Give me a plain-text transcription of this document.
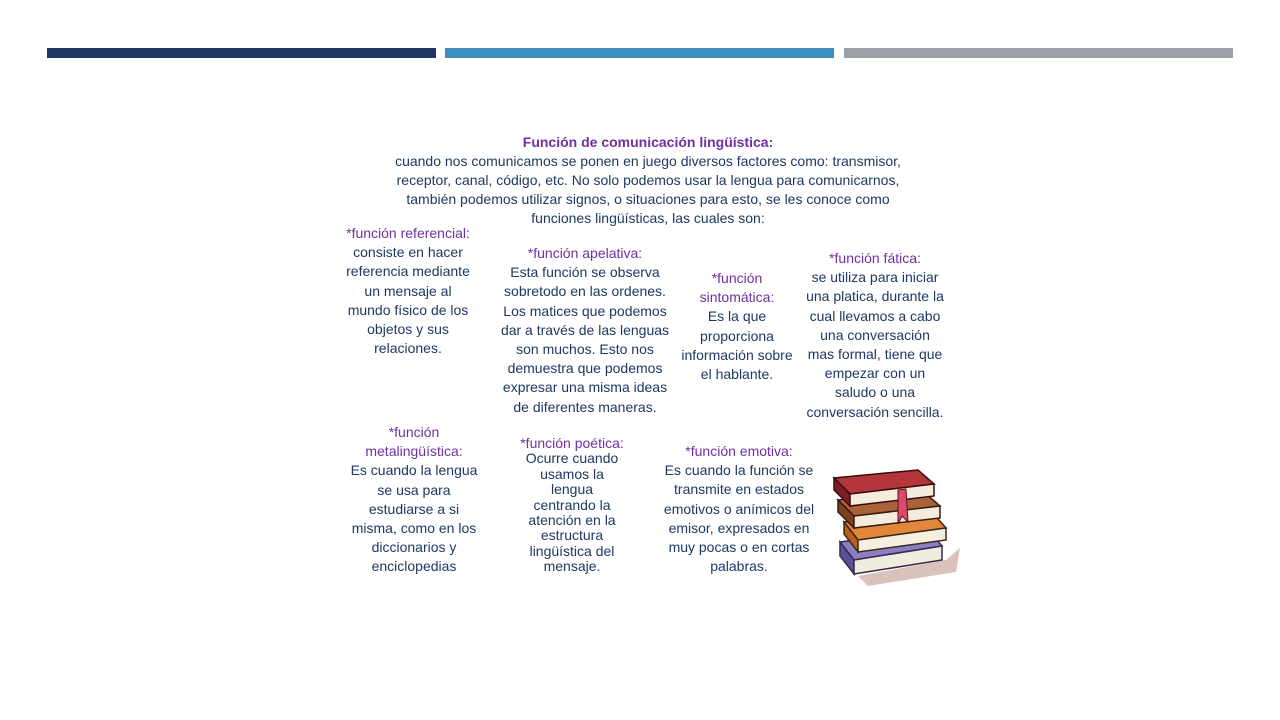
Función de comunicación lingüística:
cuando nos comunicamos se ponen en juego diversos factores como: transmisor, receptor, canal, código, etc. No solo podemos usar la lengua para comunicarnos, también podemos utilizar signos, o situaciones para esto, se les conoce como funciones lingüísticas, las cuales son:
*función referencial:
consiste en hacer referencia mediante un mensaje al mundo físico de los objetos y sus relaciones.
*función apelativa:
Esta función se observa sobretodo en las ordenes. Los matices que podemos dar a través de las lenguas son muchos. Esto nos demuestra que podemos expresar una misma ideas de diferentes maneras.
*función sintomática:
Es la que proporciona información sobre el hablante.
*función fática:
se utiliza para iniciar una platica, durante la cual llevamos a cabo una conversación mas formal, tiene que empezar con un saludo o una conversación sencilla.
*función metalingüística:
Es cuando la lengua se usa para estudiarse a si misma, como en los diccionarios y enciclopedias
*función poética:
Ocurre cuando usamos la lengua centrando la atención en la estructura lingüística del mensaje.
*función emotiva:
Es cuando la función se transmite en estados emotivos o anímicos del emisor, expresados en muy pocas o en cortas palabras.
